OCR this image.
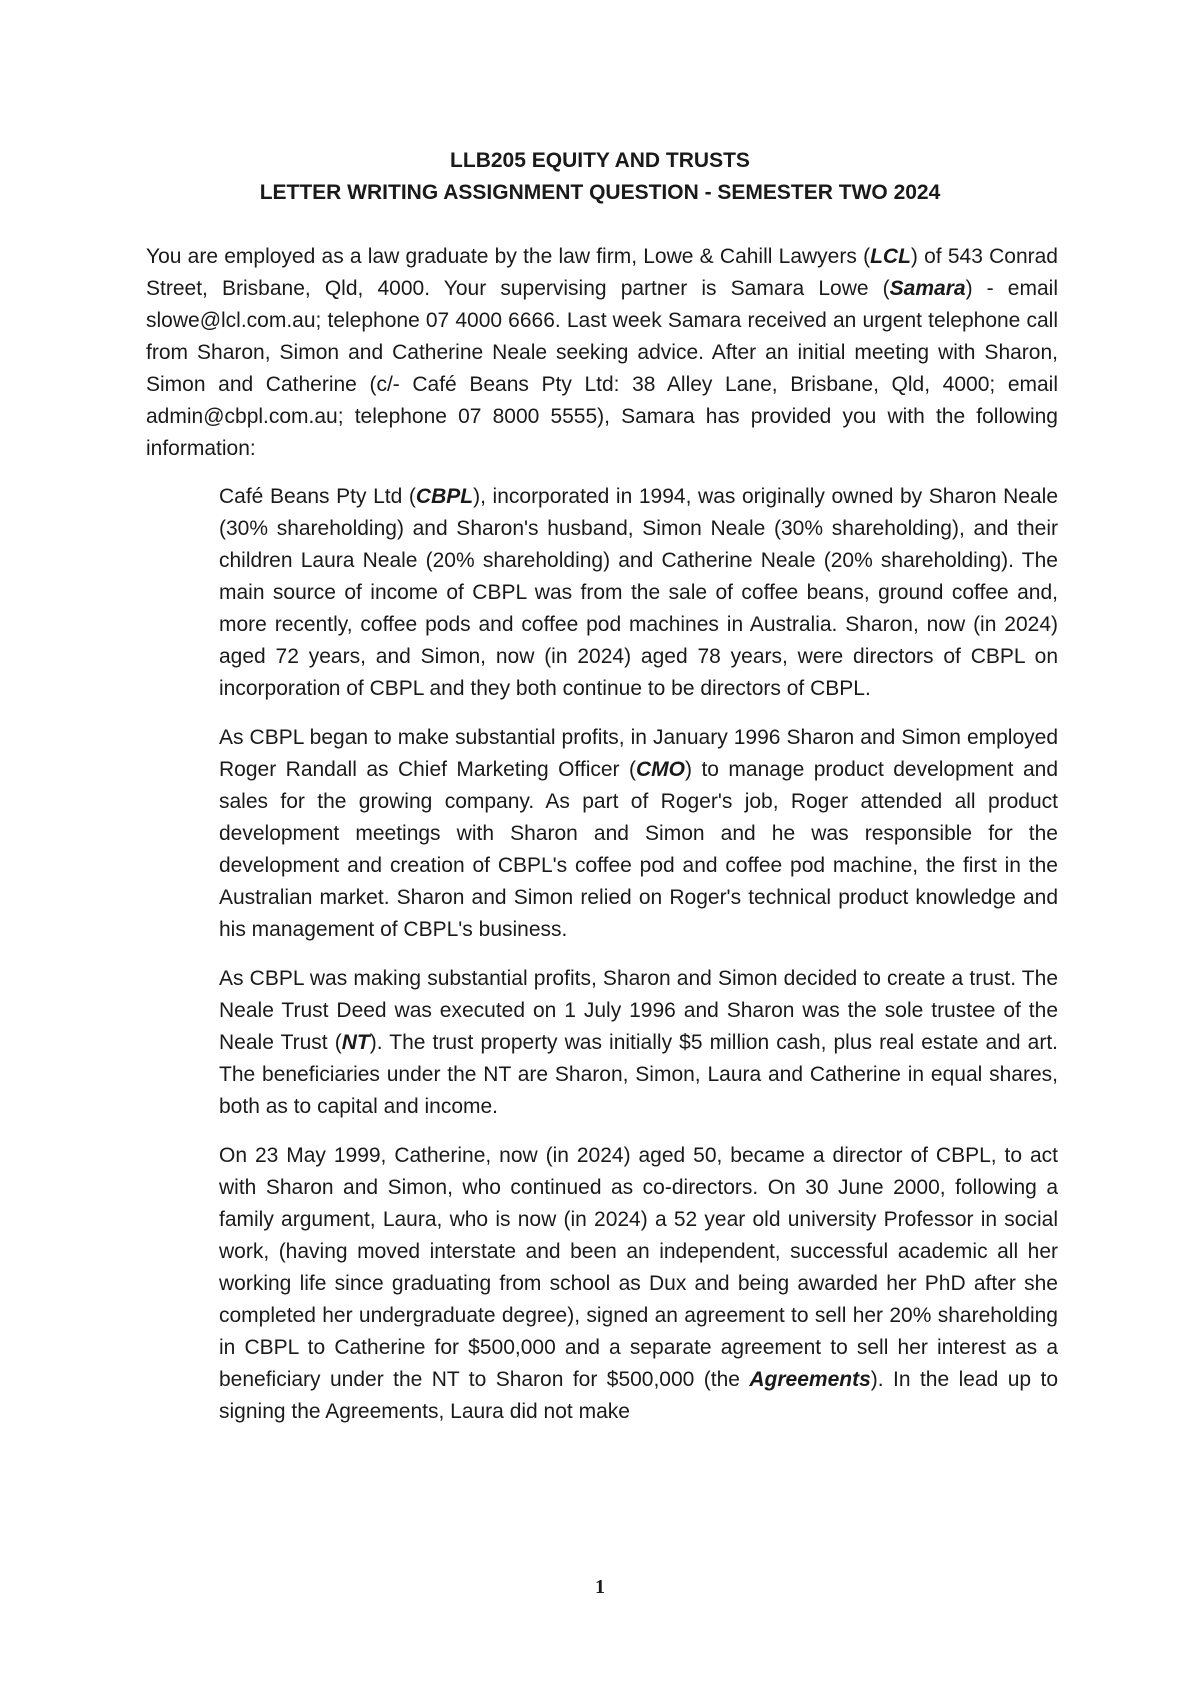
LLB205 EQUITY AND TRUSTS
LETTER WRITING ASSIGNMENT QUESTION - SEMESTER TWO 2024

You are employed as a law graduate by the law firm, Lowe & Cahill Lawyers (LCL) of 543 Conrad Street, Brisbane, Qld, 4000. Your supervising partner is Samara Lowe (Samara) - email slowe@lcl.com.au; telephone 07 4000 6666. Last week Samara received an urgent telephone call from Sharon, Simon and Catherine Neale seeking advice. After an initial meeting with Sharon, Simon and Catherine (c/- Café Beans Pty Ltd: 38 Alley Lane, Brisbane, Qld, 4000; email admin@cbpl.com.au; telephone 07 8000 5555), Samara has provided you with the following information:

Café Beans Pty Ltd (CBPL), incorporated in 1994, was originally owned by Sharon Neale (30% shareholding) and Sharon's husband, Simon Neale (30% shareholding), and their children Laura Neale (20% shareholding) and Catherine Neale (20% shareholding). The main source of income of CBPL was from the sale of coffee beans, ground coffee and, more recently, coffee pods and coffee pod machines in Australia. Sharon, now (in 2024) aged 72 years, and Simon, now (in 2024) aged 78 years, were directors of CBPL on incorporation of CBPL and they both continue to be directors of CBPL.

As CBPL began to make substantial profits, in January 1996 Sharon and Simon employed Roger Randall as Chief Marketing Officer (CMO) to manage product development and sales for the growing company. As part of Roger's job, Roger attended all product development meetings with Sharon and Simon and he was responsible for the development and creation of CBPL's coffee pod and coffee pod machine, the first in the Australian market. Sharon and Simon relied on Roger's technical product knowledge and his management of CBPL's business.

As CBPL was making substantial profits, Sharon and Simon decided to create a trust. The Neale Trust Deed was executed on 1 July 1996 and Sharon was the sole trustee of the Neale Trust (NT). The trust property was initially $5 million cash, plus real estate and art. The beneficiaries under the NT are Sharon, Simon, Laura and Catherine in equal shares, both as to capital and income.

On 23 May 1999, Catherine, now (in 2024) aged 50, became a director of CBPL, to act with Sharon and Simon, who continued as co-directors. On 30 June 2000, following a family argument, Laura, who is now (in 2024) a 52 year old university Professor in social work, (having moved interstate and been an independent, successful academic all her working life since graduating from school as Dux and being awarded her PhD after she completed her undergraduate degree), signed an agreement to sell her 20% shareholding in CBPL to Catherine for $500,000 and a separate agreement to sell her interest as a beneficiary under the NT to Sharon for $500,000 (the Agreements). In the lead up to signing the Agreements, Laura did not make

1
